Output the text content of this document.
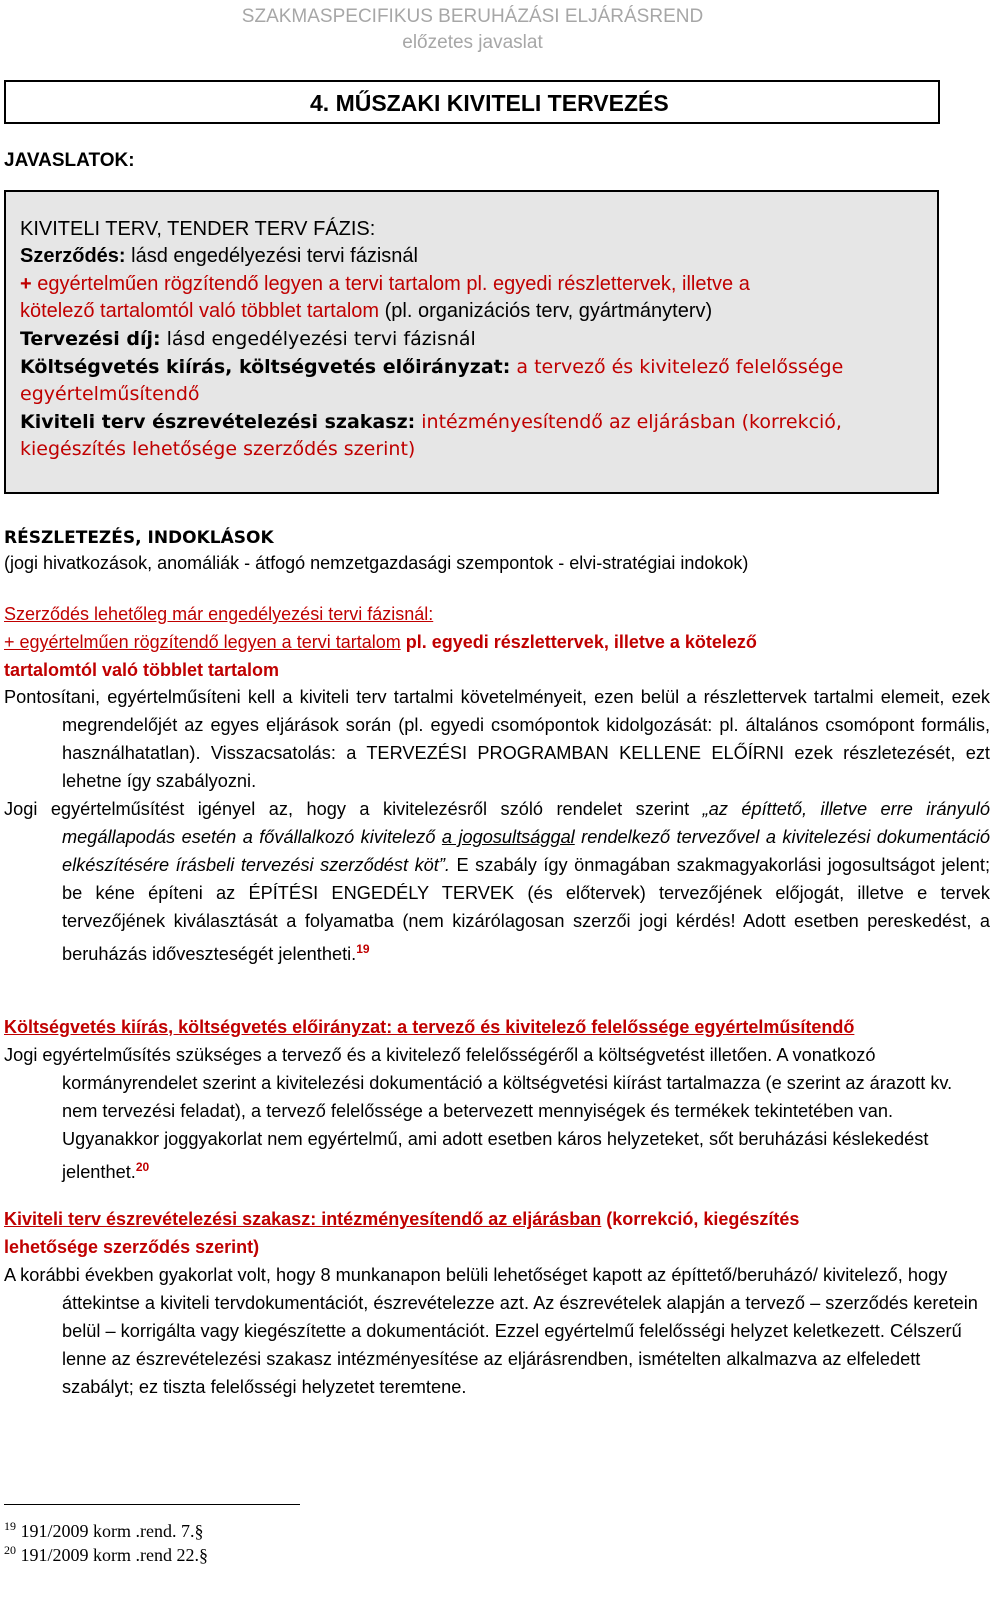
SZAKMASPECIFIKUS BERUHÁZÁSI ELJÁRÁSREND
előzetes javaslat
4. MŰSZAKI KIVITELI TERVEZÉS
JAVASLATOK:
KIVITELI TERV, TENDER TERV FÁZIS:
Szerződés: lásd engedélyezési tervi fázisnál
+ egyértelműen rögzítendő legyen a tervi tartalom pl. egyedi részlettervek, illetve a
kötelező tartalomtól való többlet tartalom (pl. organizációs terv, gyártmányterv)
Tervezési díj: lásd engedélyezési tervi fázisnál
Költségvetés kiírás, költségvetés előirányzat: a tervező és kivitelező felelőssége
egyértelműsítendő
Kiviteli terv észrevételezési szakasz: intézményesítendő az eljárásban (korrekció,
kiegészítés lehetősége szerződés szerint)
RÉSZLETEZÉS, INDOKLÁSOK
(jogi hivatkozások, anomáliák - átfogó nemzetgazdasági szempontok - elvi-stratégiai indokok)
Szerződés lehetőleg már engedélyezési tervi fázisnál:
+ egyértelműen rögzítendő legyen a tervi tartalom pl. egyedi részlettervek, illetve a kötelező
tartalomtól való többlet tartalom
Pontosítani, egyértelműsíteni kell a kiviteli terv tartalmi követelményeit, ezen belül a részlettervek tartalmi elemeit, ezek megrendelőjét az egyes eljárások során (pl. egyedi csomópontok kidolgozását: pl. általános csomópont formális, használhatatlan). Visszacsatolás: a TERVEZÉSI PROGRAMBAN KELLENE ELŐÍRNI ezek részletezését, ezt lehetne így szabályozni.
Jogi egyértelműsítést igényel az, hogy a kivitelezésről szóló rendelet szerint „az építtető, illetve erre irányuló megállapodás esetén a fővállalkozó kivitelező a jogosultsággal rendelkező tervezővel a kivitelezési dokumentáció elkészítésére írásbeli tervezési szerződést köt”. E szabály így önmagában szakmagyakorlási jogosultságot jelent; be kéne építeni az ÉPÍTÉSI ENGEDÉLY TERVEK (és előtervek) tervezőjének előjogát, illetve e tervek tervezőjének kiválasztását a folyamatba (nem kizárólagosan szerzői jogi kérdés! Adott esetben pereskedést, a beruházás időveszteségét jelentheti.$^{19}$
Költségvetés kiírás, költségvetés előirányzat: a tervező és kivitelező felelőssége egyértelműsítendő
Jogi egyértelműsítés szükséges a tervező és a kivitelező felelősségéről a költségvetést illetően. A vonatkozó kormányrendelet szerint a kivitelezési dokumentáció a költségvetési kiírást tartalmazza (e szerint az árazott kv. nem tervezési feladat), a tervező felelőssége a betervezett mennyiségek és termékek tekintetében van. Ugyanakkor joggyakorlat nem egyértelmű, ami adott esetben káros helyzeteket, sőt beruházási késlekedést jelenthet.$^{20}$
Kiviteli terv észrevételezési szakasz: intézményesítendő az eljárásban (korrekció, kiegészítés
lehetősége szerződés szerint)
A korábbi években gyakorlat volt, hogy 8 munkanapon belüli lehetőséget kapott az építtető/beruházó/ kivitelező, hogy áttekintse a kiviteli tervdokumentációt, észrevételezze azt. Az észrevételek alapján a tervező – szerződés keretein belül – korrigálta vagy kiegészítette a dokumentációt. Ezzel egyértelmű felelősségi helyzet keletkezett. Célszerű lenne az észrevételezési szakasz intézményesítése az eljárásrendben, ismételten alkalmazva az elfeledett szabályt; ez tiszta felelősségi helyzetet teremtene.
$^{19}$ 191/2009 korm .rend. 7.§
$^{20}$ 191/2009 korm .rend 22.§
